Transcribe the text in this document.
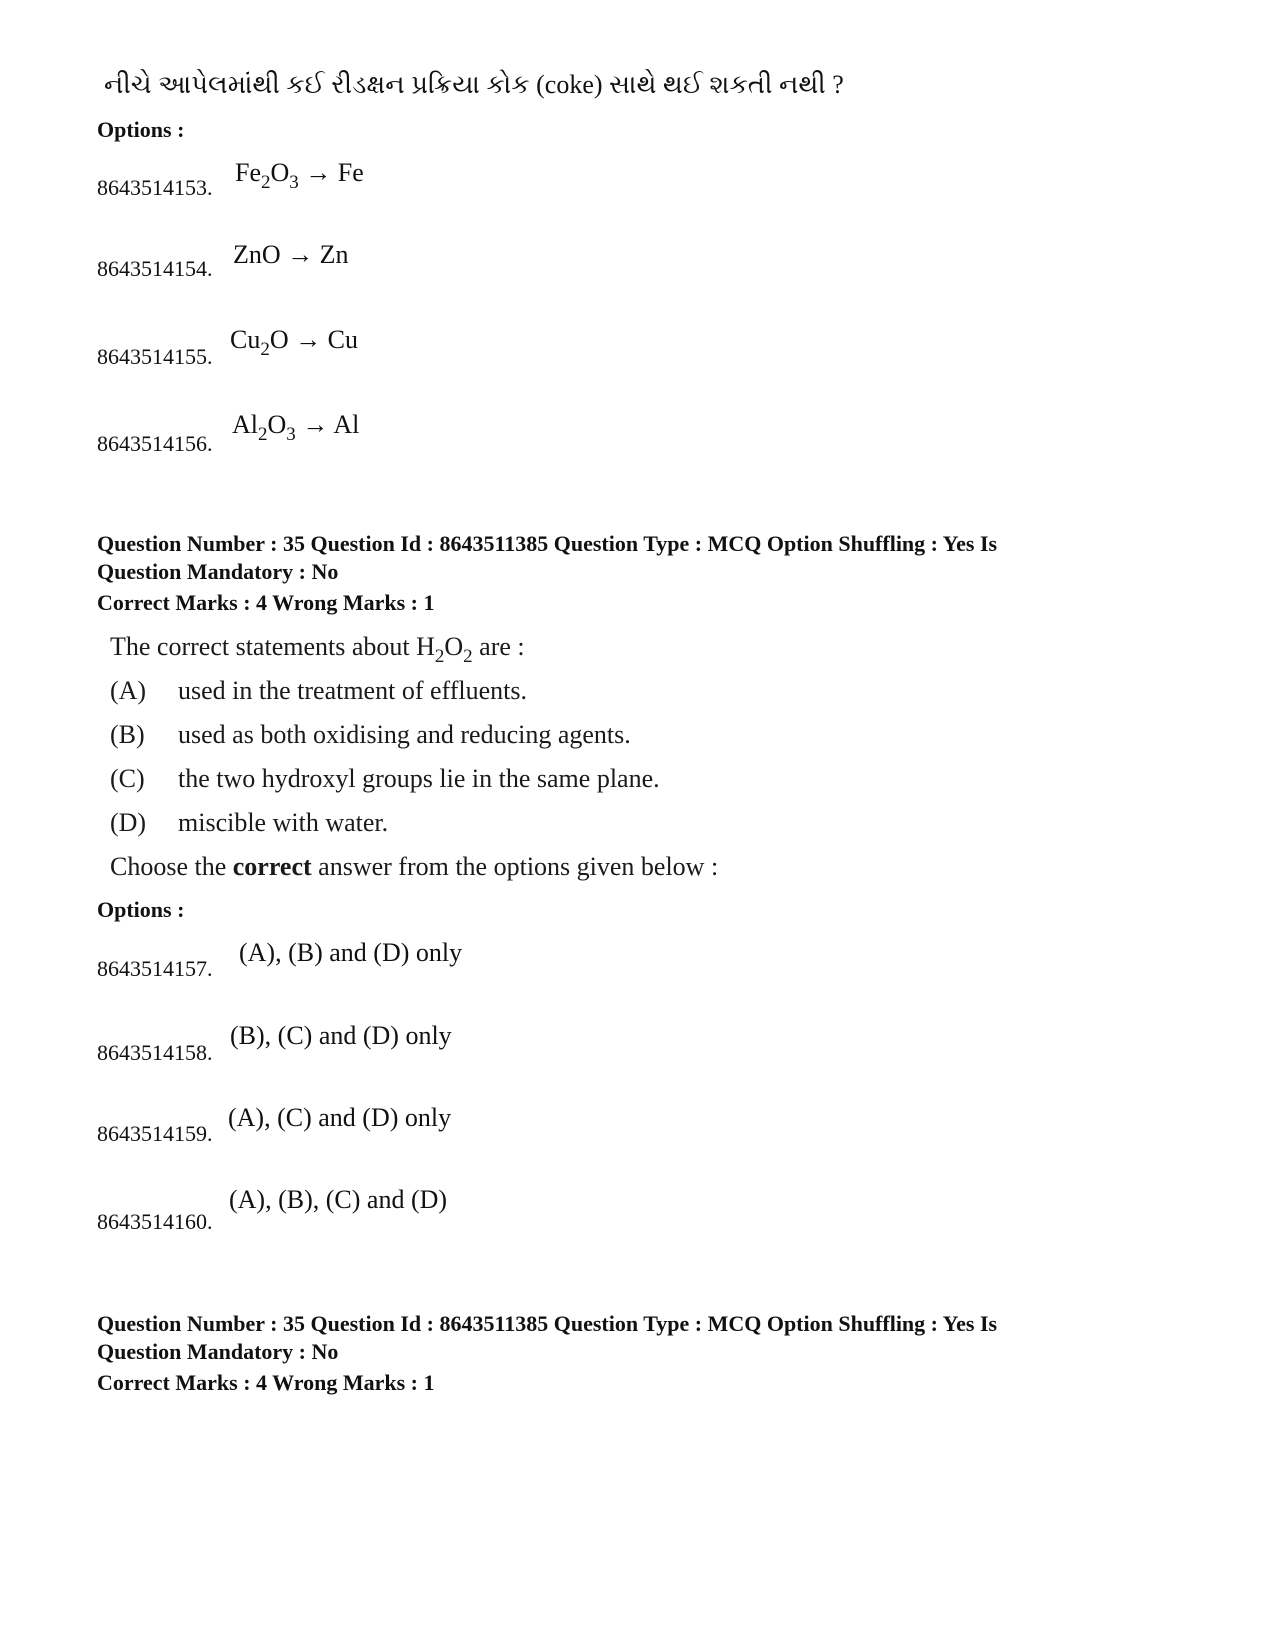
નીચે આપેલમાંથી કઈ રીડક્ષન પ્રક્રિયા કોક (coke) સાથે થઈ શકતી નથી ?
Options :
8643514153.
$Fe_2O_3 \to Fe$
8643514154. ZnO → Zn
8643514155.
$Cu_2O \to Cu$
8643514156.
$Al_2O_3 \to Al$
Question Number : 35 Question Id : 8643511385 Question Type : MCQ Option Shuffling : Yes Is
Question Mandatory : No
Correct Marks : 4 Wrong Marks : 1
The correct statements about $H_2O_2$ are :
(A) used in the treatment of effluents.
(B) used as both oxidising and reducing agents.
(C) the two hydroxyl groups lie in the same plane.
(D) miscible with water.
Choose the correct answer from the options given below :
Options :
8643514157.
(A), (B) and (D) only
8643514158.
(B), (C) and (D) only
8643514159.
(A), (C) and (D) only
8643514160.
(A), (B), (C) and (D)
Question Number : 35 Question Id : 8643511385 Question Type : MCQ Option Shuffling : Yes Is
Question Mandatory : No
Correct Marks : 4 Wrong Marks : 1
